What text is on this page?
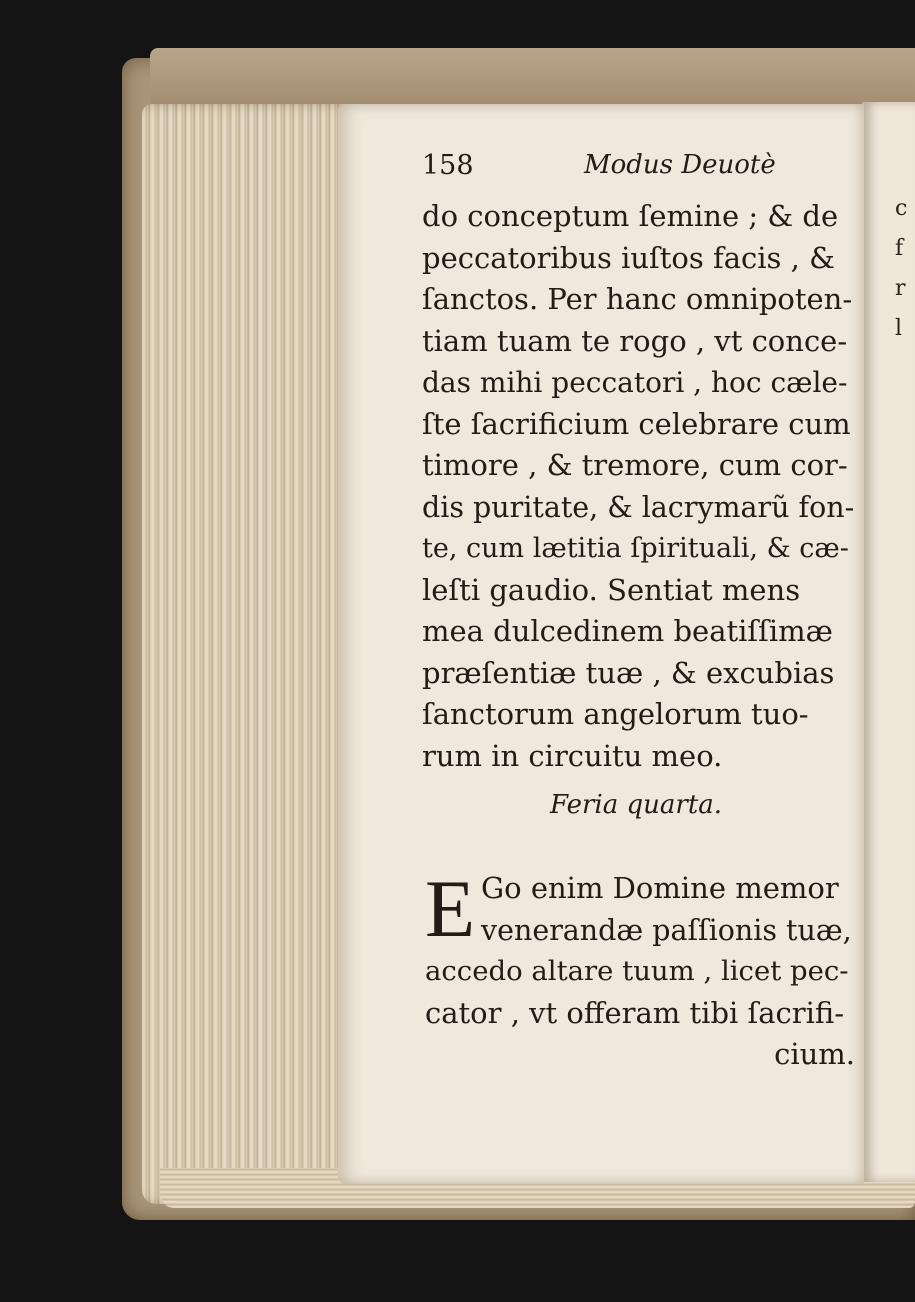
c
f
r
l
158	Modus Deuotè
do conceptum ſemine ; & de
peccatoribus iuſtos facis , &
ſanctos. Per hanc omnipoten-
tiam tuam te rogo , vt conce-
das mihi peccatori , hoc cæle-
ſte ſacrificium celebrare cum
timore , & tremore, cum cor-
dis puritate, & lacrymarũ fon-
te, cum lætitia ſpirituali, & cæ-
leſti gaudio. Sentiat mens
mea dulcedinem beatiſſimæ
præſentiæ tuæ , & excubias
ſanctorum angelorum tuo-
rum in circuitu meo.
Feria quarta.
E Go enim Domine memor
venerandæ paſſionis tuæ,
accedo altare tuum , licet pec-
cator , vt offeram tibi ſacrifi-
cium.
